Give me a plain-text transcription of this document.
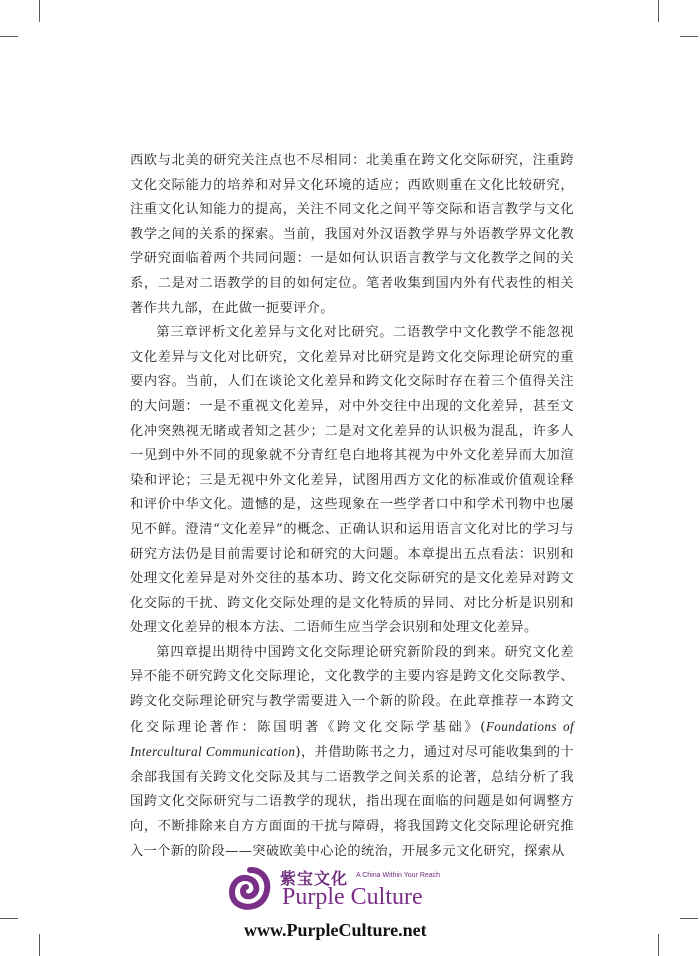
西欧与北美的研究关注点也不尽相同：北美重在跨文化交际研究，注重跨文化交际能力的培养和对异文化环境的适应；西欧则重在文化比较研究，注重文化认知能力的提高，关注不同文化之间平等交际和语言教学与文化教学之间的关系的探索。当前，我国对外汉语教学界与外语教学界文化教学研究面临着两个共同问题：一是如何认识语言教学与文化教学之间的关系，二是对二语教学的目的如何定位。笔者收集到国内外有代表性的相关著作共九部，在此做一扼要评介。

第三章评析文化差异与文化对比研究。二语教学中文化教学不能忽视文化差异与文化对比研究，文化差异对比研究是跨文化交际理论研究的重要内容。当前，人们在谈论文化差异和跨文化交际时存在着三个值得关注的大问题：一是不重视文化差异，对中外交往中出现的文化差异，甚至文化冲突熟视无睹或者知之甚少；二是对文化差异的认识极为混乱，许多人一见到中外不同的现象就不分青红皂白地将其视为中外文化差异而大加渲染和评论；三是无视中外文化差异，试图用西方文化的标准或价值观诠释和评价中华文化。遗憾的是，这些现象在一些学者口中和学术刊物中也屡见不鲜。澄清“文化差异”的概念、正确认识和运用语言文化对比的学习与研究方法仍是目前需要讨论和研究的大问题。本章提出五点看法：识别和处理文化差异是对外交往的基本功、跨文化交际研究的是文化差异对跨文化交际的干扰、跨文化交际处理的是文化特质的异同、对比分析是识别和处理文化差异的根本方法、二语师生应当学会识别和处理文化差异。

第四章提出期待中国跨文化交际理论研究新阶段的到来。研究文化差异不能不研究跨文化交际理论，文化教学的主要内容是跨文化交际教学、跨文化交际理论研究与教学需要进入一个新的阶段。在此章推荐一本跨文化交际理论著作：陈国明著《跨文化交际学基础》(Foundations of Intercultural Communication)，并借助陈书之力，通过对尽可能收集到的十余部我国有关跨文化交际及其与二语教学之间关系的论著，总结分析了我国跨文化交际研究与二语教学的现状，指出现在面临的问题是如何调整方向，不断排除来自方方面面的干扰与障碍，将我国跨文化交际理论研究推入一个新的阶段——突破欧美中心论的统治，开展多元文化研究，探索从

紫宝文化 A China Within Your Reach
Purple Culture
www.PurpleCulture.net
